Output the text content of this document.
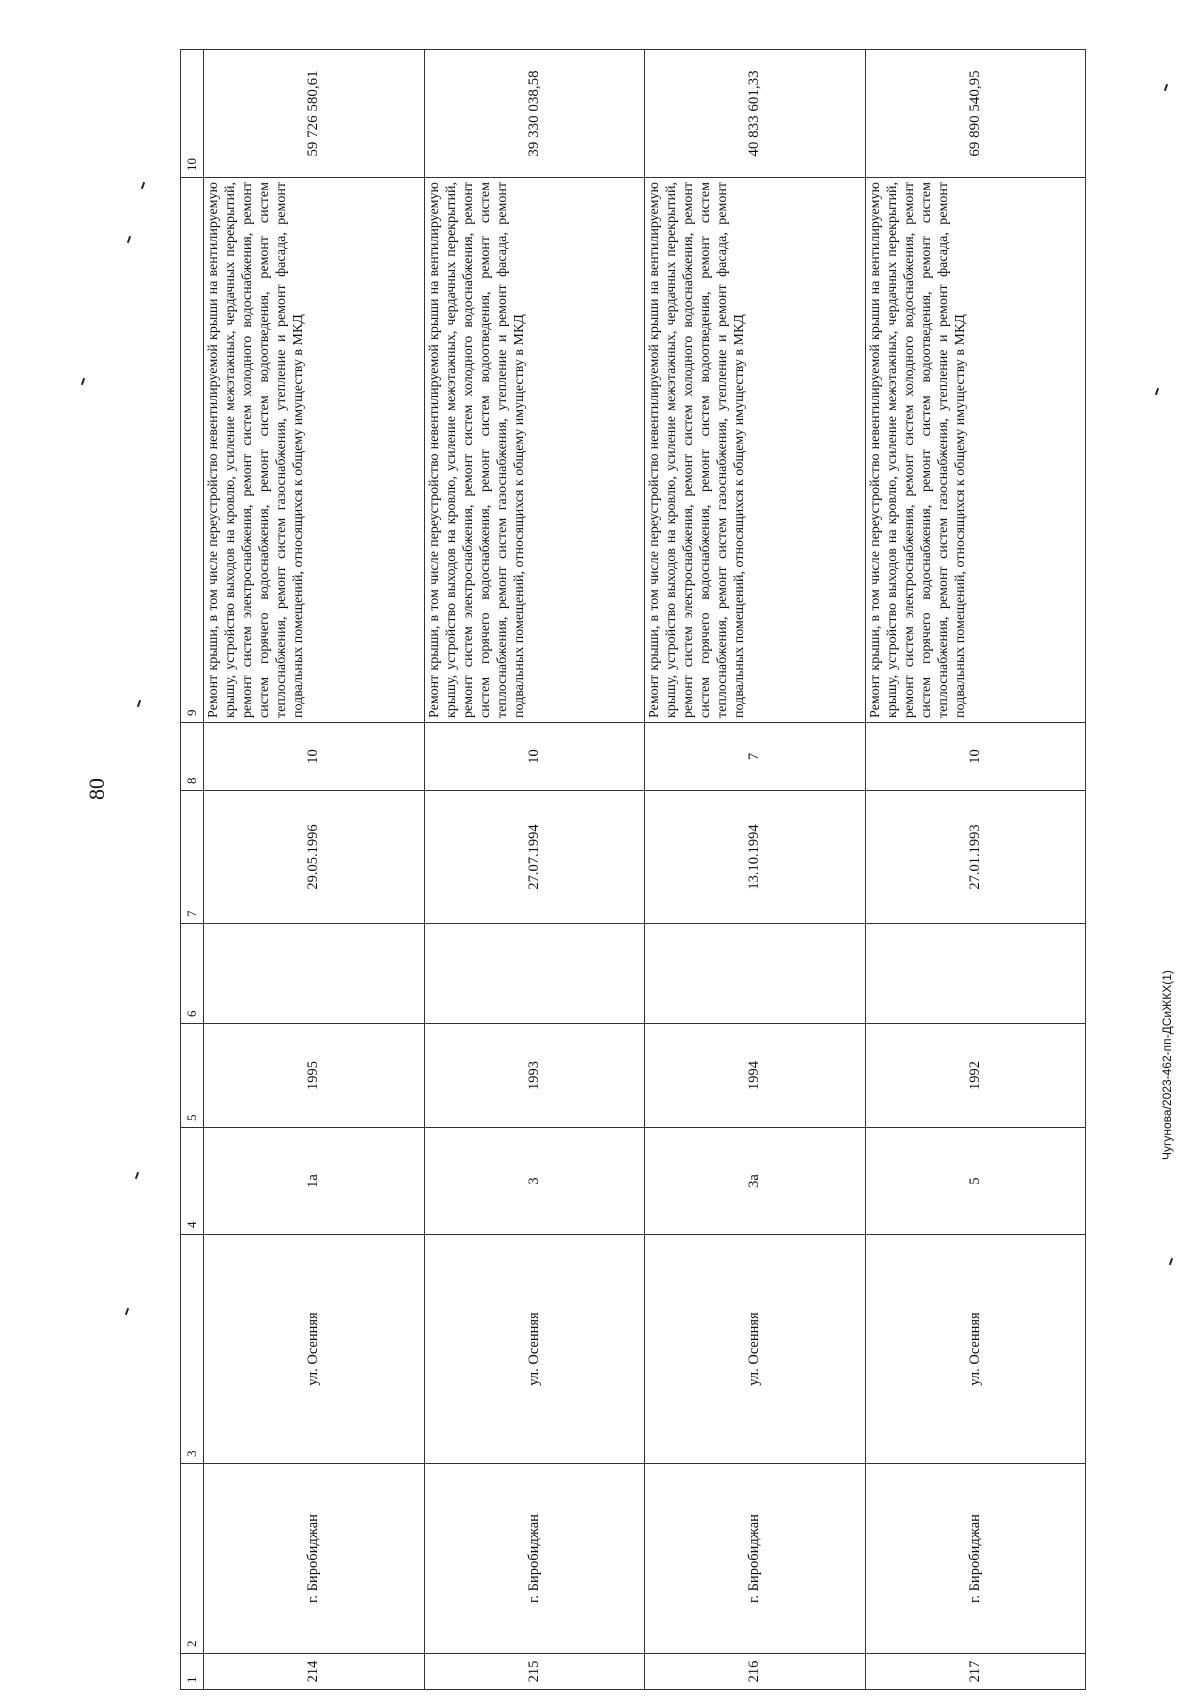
80
Чугунова/2023-462-пп-ДСиЖКХ(1)
1	2	3	4	5	6	7	8	9	10
214	г. Биробиджан	ул. Осенняя	1а	1995		29.05.1996	10	Ремонт крыши, в том числе переустройство невентилируемой крыши на вентилируемую крышу, устройство выходов на кровлю, усиление межэтажных, чердачных перекрытий, ремонт систем электроснабжения, ремонт систем холодного водоснабжения, ремонт систем горячего водоснабжения, ремонт систем водоотведения, ремонт систем теплоснабжения, ремонт систем газоснабжения, утепление и ремонт фасада, ремонт подвальных помещений, относящихся к общему имуществу в МКД	59 726 580,61
215	г. Биробиджан	ул. Осенняя	3	1993		27.07.1994	10	Ремонт крыши, в том числе переустройство невентилируемой крыши на вентилируемую крышу, устройство выходов на кровлю, усиление межэтажных, чердачных перекрытий, ремонт систем электроснабжения, ремонт систем холодного водоснабжения, ремонт систем горячего водоснабжения, ремонт систем водоотведения, ремонт систем теплоснабжения, ремонт систем газоснабжения, утепление и ремонт фасада, ремонт подвальных помещений, относящихся к общему имуществу в МКД	39 330 038,58
216	г. Биробиджан	ул. Осенняя	3а	1994		13.10.1994	7	Ремонт крыши, в том числе переустройство невентилируемой крыши на вентилируемую крышу, устройство выходов на кровлю, усиление межэтажных, чердачных перекрытий, ремонт систем электроснабжения, ремонт систем холодного водоснабжения, ремонт систем горячего водоснабжения, ремонт систем водоотведения, ремонт систем теплоснабжения, ремонт систем газоснабжения, утепление и ремонт фасада, ремонт подвальных помещений, относящихся к общему имуществу в МКД	40 833 601,33
217	г. Биробиджан	ул. Осенняя	5	1992		27.01.1993	10	Ремонт крыши, в том числе переустройство невентилируемой крыши на вентилируемую крышу, устройство выходов на кровлю, усиление межэтажных, чердачных перекрытий, ремонт систем электроснабжения, ремонт систем холодного водоснабжения, ремонт систем горячего водоснабжения, ремонт систем водоотведения, ремонт систем теплоснабжения, ремонт систем газоснабжения, утепление и ремонт фасада, ремонт подвальных помещений, относящихся к общему имуществу в МКД	69 890 540,95
